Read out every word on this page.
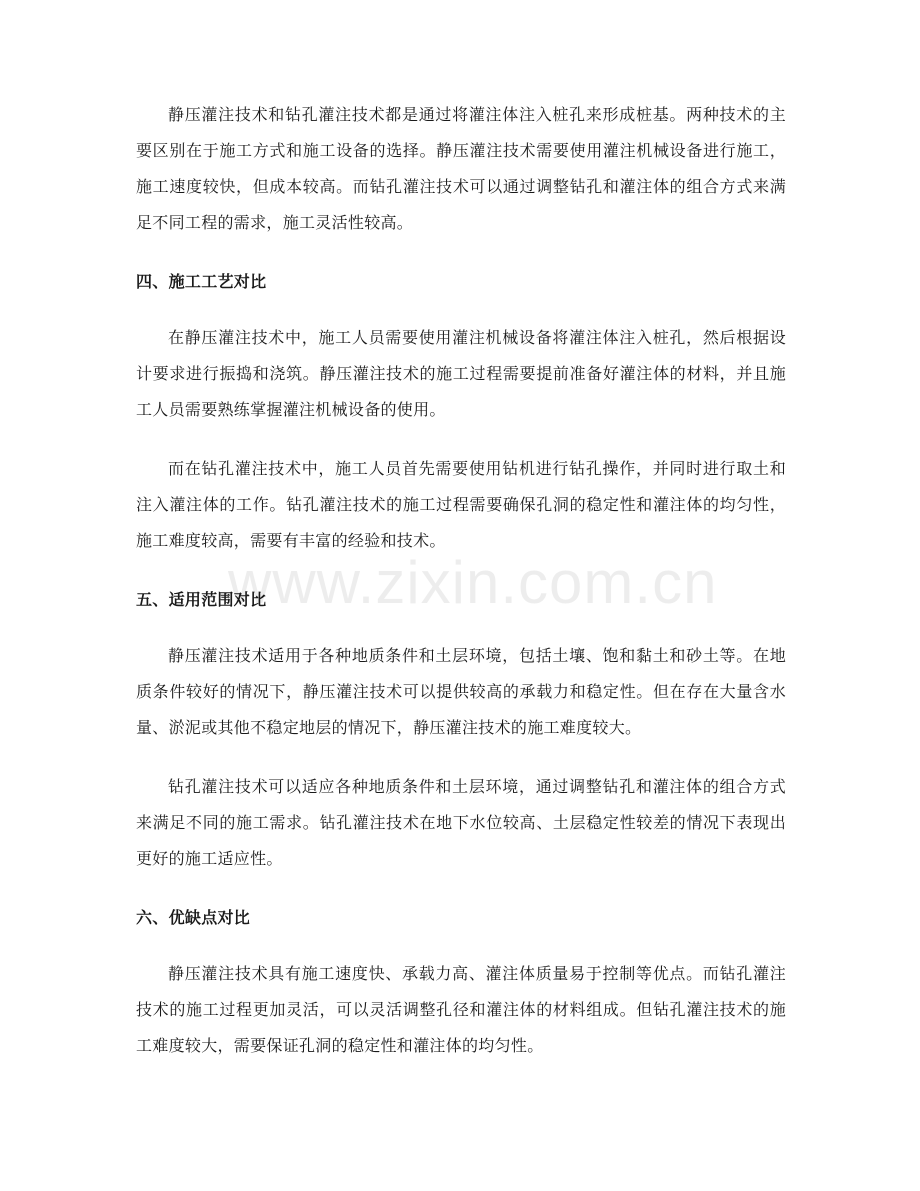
静压灌注技术和钻孔灌注技术都是通过将灌注体注入桩孔来形成桩基。两种技术的主要区别在于施工方式和施工设备的选择。静压灌注技术需要使用灌注机械设备进行施工，施工速度较快，但成本较高。而钻孔灌注技术可以通过调整钻孔和灌注体的组合方式来满足不同工程的需求，施工灵活性较高。

四、施工工艺对比

在静压灌注技术中，施工人员需要使用灌注机械设备将灌注体注入桩孔，然后根据设计要求进行振捣和浇筑。静压灌注技术的施工过程需要提前准备好灌注体的材料，并且施工人员需要熟练掌握灌注机械设备的使用。

而在钻孔灌注技术中，施工人员首先需要使用钻机进行钻孔操作，并同时进行取土和注入灌注体的工作。钻孔灌注技术的施工过程需要确保孔洞的稳定性和灌注体的均匀性，施工难度较高，需要有丰富的经验和技术。

五、适用范围对比

静压灌注技术适用于各种地质条件和土层环境，包括土壤、饱和黏土和砂土等。在地质条件较好的情况下，静压灌注技术可以提供较高的承载力和稳定性。但在存在大量含水量、淤泥或其他不稳定地层的情况下，静压灌注技术的施工难度较大。

钻孔灌注技术可以适应各种地质条件和土层环境，通过调整钻孔和灌注体的组合方式来满足不同的施工需求。钻孔灌注技术在地下水位较高、土层稳定性较差的情况下表现出更好的施工适应性。

六、优缺点对比

静压灌注技术具有施工速度快、承载力高、灌注体质量易于控制等优点。而钻孔灌注技术的施工过程更加灵活，可以灵活调整孔径和灌注体的材料组成。但钻孔灌注技术的施工难度较大，需要保证孔洞的稳定性和灌注体的均匀性。

www.zixin.com.cn
